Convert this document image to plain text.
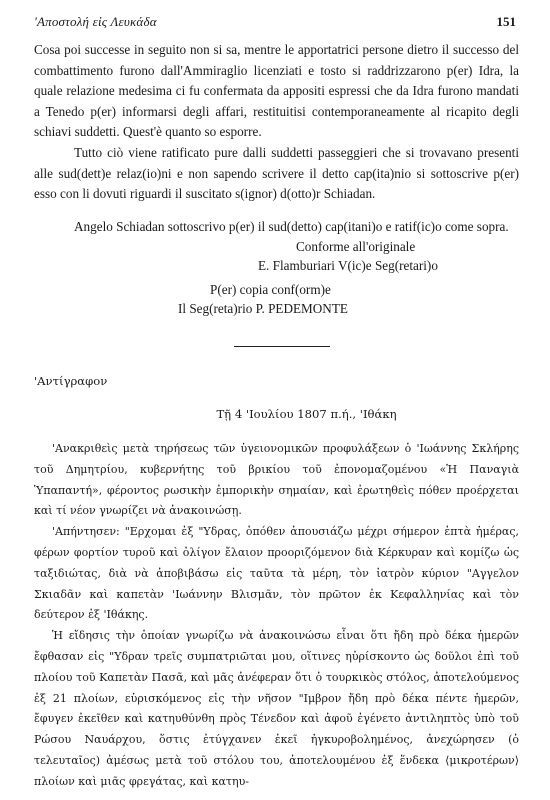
'Αποστολή εἰς Λευκάδα	151

Cosa poi successe in seguito non si sa, mentre le apportatrici persone dietro il successo del combattimento furono dall'Ammiraglio licenziati e tosto si raddrizzarono p(er) Idra, la quale relazione medesima ci fu confermata da appositi espressi che da Idra furono mandati a Tenedo p(er) informarsi degli affari, restituitisi contemporaneamente al ricapito degli schiavi suddetti. Quest'è quanto so esporre.

Tutto ciò viene ratificato pure dalli suddetti passeggieri che si trovavano presenti alle sud(dett)e relaz(io)ni e non sapendo scrivere il detto cap(ita)nio si sottoscrive p(er) esso con li dovuti riguardi il suscitato s(ignor) d(otto)r Schiadan.

Angelo Schiadan sottoscrivo p(er) il sud(detto) cap(itani)o e ratif(ic)o come sopra.

Conforme all'originale
E. Flamburiari V(ic)e Seg(retari)o
P(er) copia conf(orm)e
Il Seg(reta)rio P. PEDEMONTE
'Αντίγραφον
Τῇ 4 'Ιουλίου 1807 π.ή., 'Ιθάκη

'Ανακριθεὶς μετὰ τηρήσεως τῶν ὑγειονομικῶν προφυλάξεων ὁ 'Ιωάννης Σκλήρης τοῦ Δημητρίου, κυβερνήτης τοῦ βρικίου τοῦ ἐπονομαζομένου «Ἡ Παναγιὰ Ὑπαπαντή», φέροντος ρωσικὴν ἐμπορικὴν σημαίαν, καὶ ἐρωτηθεὶς πόθεν προέρχεται καὶ τί νέον γνωρίζει νὰ ἀνακοινώσῃ.

'Απήντησεν: "Ερχομαι ἐξ "Υδρας, ὁπόθεν ἀπουσιάζω μέχρι σήμερον ἑπτὰ ἡμέρας, φέρων φορτίον τυροῦ καὶ ὀλίγον ἔλαιον προοριζόμενον διὰ Κέρκυραν καὶ κομίζω ὡς ταξιδιώτας, διὰ νὰ ἀποβιβάσω εἰς ταῦτα τὰ μέρη, τὸν ἰατρὸν κύριον "Αγγελον Σκιαδᾶν καὶ καπετὰν 'Ιωάννην Βλισμᾶν, τὸν πρῶτον ἐκ Κεφαλληνίας καὶ τὸν δεύτερον ἐξ 'Ιθάκης.

Ἡ εἴδησις τὴν ὁποίαν γνωρίζω νὰ ἀνακοινώσω εἶναι ὅτι ἤδη πρὸ δέκα ἡμερῶν ἔφθασαν εἰς "Υδραν τρεῖς συμπατριῶται μου, οἵτινες ηὑρίσκοντο ὡς δοῦλοι ἐπὶ τοῦ πλοίου τοῦ Καπετὰν Πασᾶ, καὶ μᾶς ἀνέφεραν ὅτι ὁ τουρκικὸς στόλος, ἀποτελούμενος ἐξ 21 πλοίων, εὑρισκόμενος εἰς τὴν νῆσον "Ιμβρον ἤδη πρὸ δέκα πέντε ἡμερῶν, ἔφυγεν ἐκεῖθεν καὶ κατηυθύνθη πρὸς Τένεδον καὶ ἀφοῦ ἐγένετο ἀντιληπτὸς ὑπὸ τοῦ Ρώσου Ναυάρχου, ὅστις ἐτύγχανεν ἐκεῖ ἠγκυροβολημένος, ἀνεχώρησεν (ὁ τελευταῖος) ἀμέσως μετὰ τοῦ στόλου του, ἀποτελουμένου ἐξ ἕνδεκα ⟨μικροτέρων⟩ πλοίων καὶ μιᾶς φρεγάτας, καὶ κατηυ-
